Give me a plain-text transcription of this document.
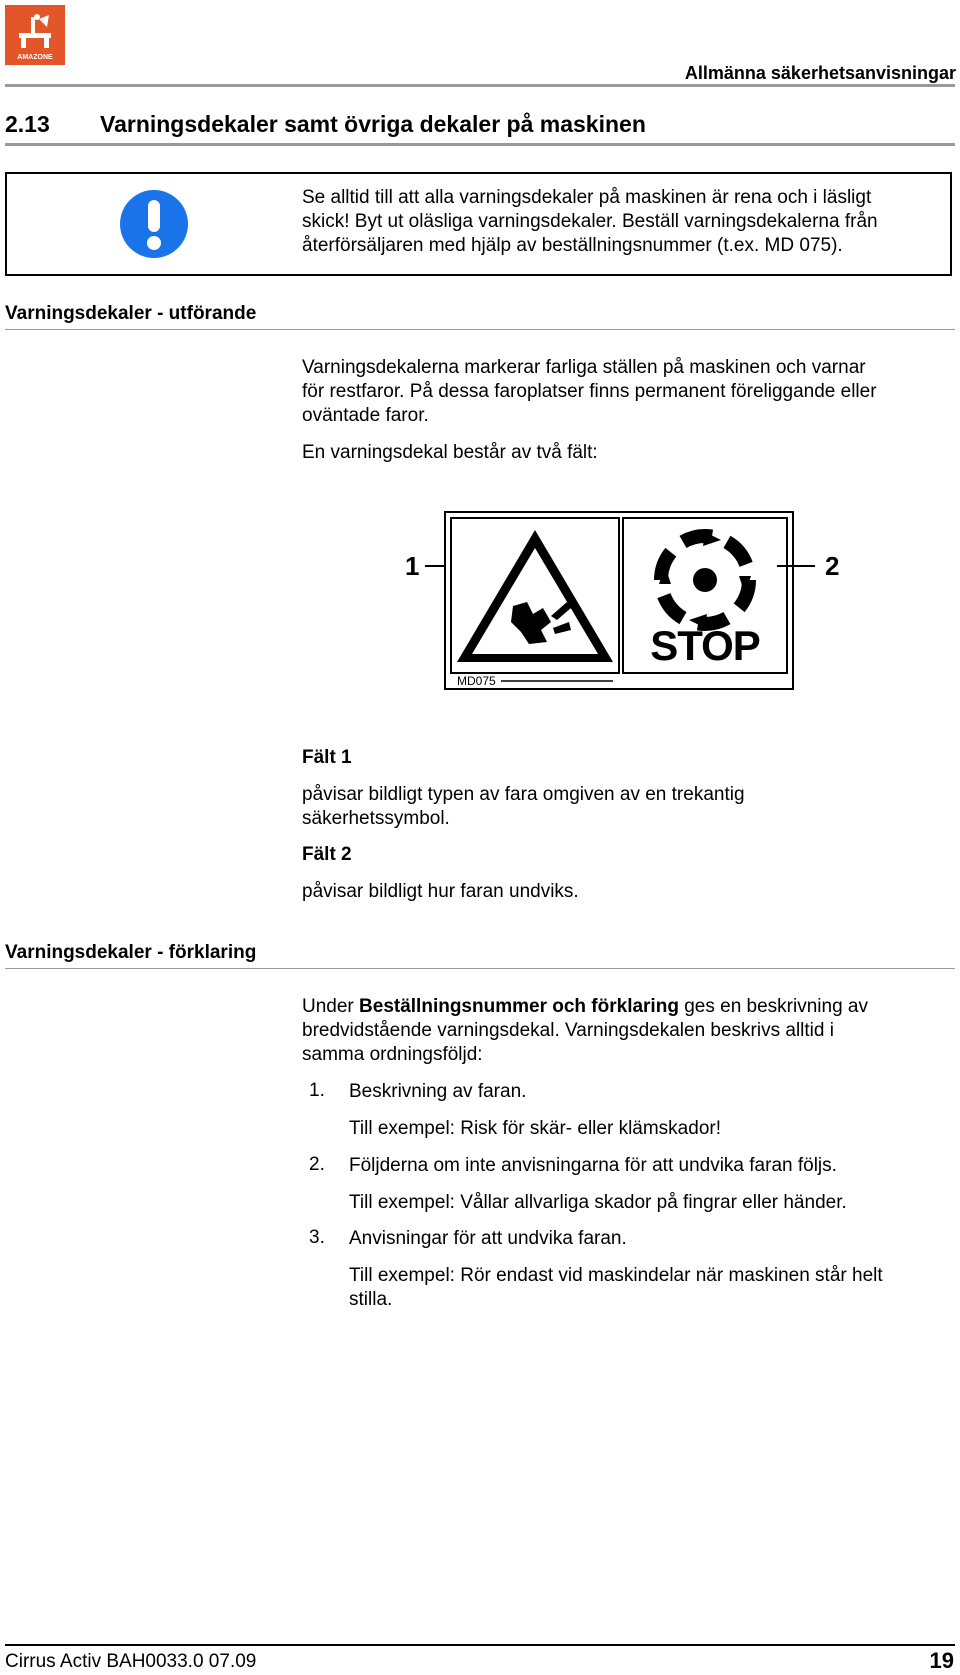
AMAZONE
Allmänna säkerhetsanvisningar
2.13 Varningsdekaler samt övriga dekaler på maskinen
Se alltid till att alla varningsdekaler på maskinen är rena och i läsligt
skick! Byt ut oläsliga varningsdekaler. Beställ varningsdekalerna från
återförsäljaren med hjälp av beställningsnummer (t.ex. MD 075).
Varningsdekaler - utförande
Varningsdekalerna markerar farliga ställen på maskinen och varnar
för restfaror. På dessa faroplatser finns permanent föreliggande eller
oväntade faror.
En varningsdekal består av två fält:
1
STOP
MD075
2
Fält 1
påvisar bildligt typen av fara omgiven av en trekantig
säkerhetssymbol.
Fält 2
påvisar bildligt hur faran undviks.
Varningsdekaler - förklaring
Under Beställningsnummer och förklaring ges en beskrivning av
bredvidstående varningsdekal. Varningsdekalen beskrivs alltid i
samma ordningsföljd:
1. Beskrivning av faran.
Till exempel: Risk för skär- eller klämskador!
2. Följderna om inte anvisningarna för att undvika faran följs.
Till exempel: Vållar allvarliga skador på fingrar eller händer.
3. Anvisningar för att undvika faran.
Till exempel: Rör endast vid maskindelar när maskinen står helt
stilla.
Cirrus Activ BAH0033.0 07.09	19
